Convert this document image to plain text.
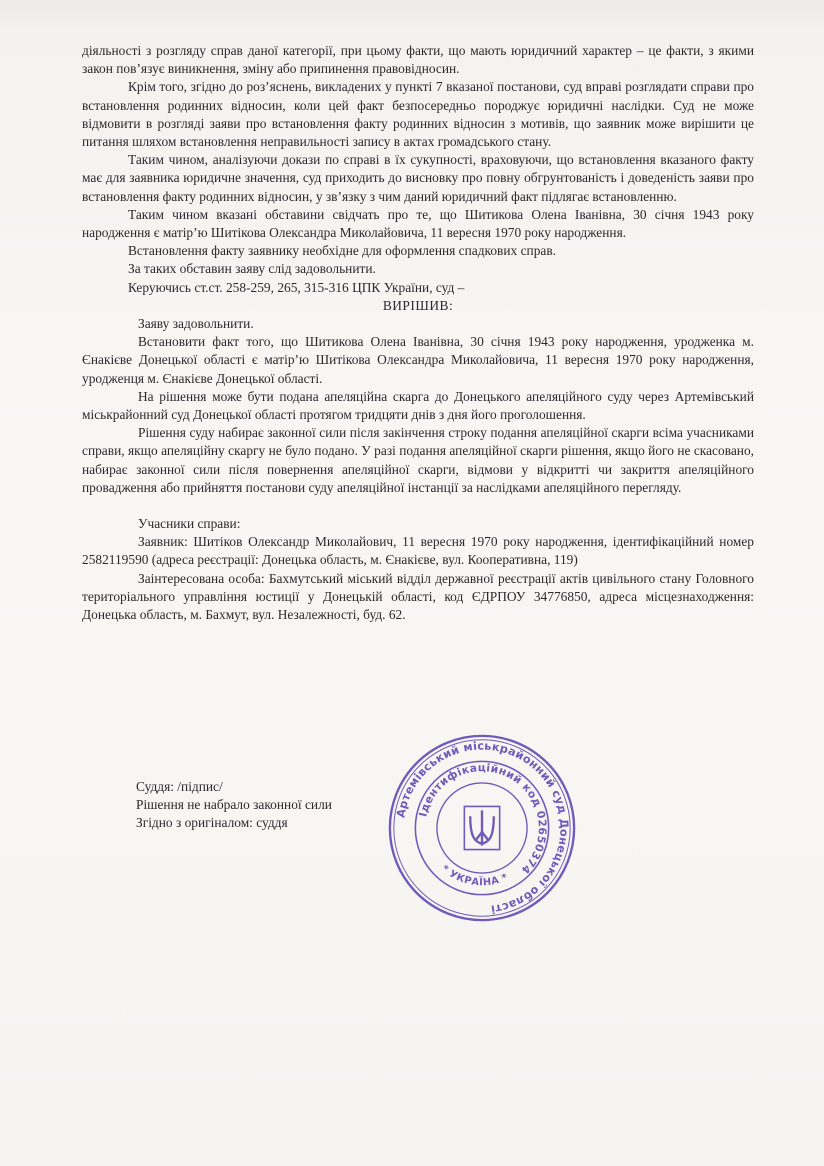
діяльності з розгляду справ даної категорії, при цьому факти, що мають юридичний характер – це факти, з якими закон пов’язує виникнення, зміну або припинення правовідносин.

Крім того, згідно до роз’яснень, викладених у пункті 7 вказаної постанови, суд вправі розглядати справи про встановлення родинних відносин, коли цей факт безпосередньо породжує юридичні наслідки. Суд не може відмовити в розгляді заяви про встановлення факту родинних відносин з мотивів, що заявник може вирішити це питання шляхом встановлення неправильності запису в актах громадського стану.

Таким чином, аналізуючи докази по справі в їх сукупності, враховуючи, що встановлення вказаного факту має для заявника юридичне значення, суд приходить до висновку про повну обгрунтованість і доведеність заяви про встановлення факту родинних відносин, у зв’язку з чим даний юридичний факт підлягає встановленню.

Таким чином вказані обставини свідчать про те, що Шитикова Олена Іванівна, 30 січня 1943 року народження є матір’ю Шитікова Олександра Миколайовича, 11 вересня 1970 року народження.

Встановлення факту заявнику необхідне для оформлення спадкових справ.

За таких обставин заяву слід задовольнити.

Керуючись ст.ст. 258-259, 265, 315-316 ЦПК України, суд –

ВИРІШИВ:

Заяву задовольнити.

Встановити факт того, що Шитикова Олена Іванівна, 30 січня 1943 року народження, уродженка м. Єнакієве Донецької області є матір’ю Шитікова Олександра Миколайовича, 11 вересня 1970 року народження, уродженця м. Єнакієве Донецької області.

На рішення може бути подана апеляційна скарга до Донецького апеляційного суду через Артемівський міськрайонний суд Донецької області протягом тридцяти днів з дня його проголошення.

Рішення суду набирає законної сили після закінчення строку подання апеляційної скарги всіма учасниками справи, якщо апеляційну скаргу не було подано. У разі подання апеляційної скарги рішення, якщо його не скасовано, набирає законної сили після повернення апеляційної скарги, відмови у відкритті чи закриття апеляційного провадження або прийняття постанови суду апеляційної інстанції за наслідками апеляційного перегляду.

Учасники справи:

Заявник: Шитіков Олександр Миколайович, 11 вересня 1970 року народження, ідентифікаційний номер 2582119590 (адреса реєстрації: Донецька область, м. Єнакієве, вул. Кооперативна, 119)

Заінтересована особа: Бахмутський міський відділ державної реєстрації актів цивільного стану Головного територіального управління юстиції у Донецькій області, код ЄДРПОУ 34776850, адреса місцезнаходження: Донецька область, м. Бахмут, вул. Незалежності, буд. 62.

Суддя: /підпис/
Рішення не набрало законної сили
Згідно з оригіналом: суддя
Артемівський міськрайонний суд Донецької області
Ідентифікаційний код 02650374
* УКРАЇНА *
